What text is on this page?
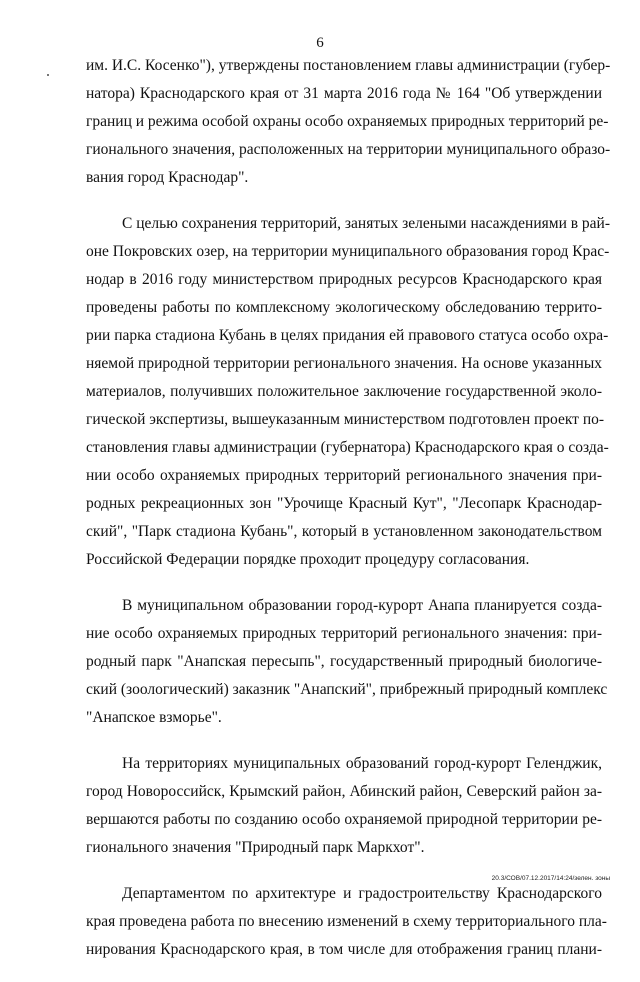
6
им. И.С. Косенко"), утверждены постановлением главы администрации (губер-
натора) Краснодарского края от 31 марта 2016 года № 164 "Об утверждении
границ и режима особой охраны особо охраняемых природных территорий ре-
гионального значения, расположенных на территории муниципального образо-
вания город Краснодар".
С целью сохранения территорий, занятых зелеными насаждениями в рай-
оне Покровских озер, на территории муниципального образования город Крас-
нодар в 2016 году министерством природных ресурсов Краснодарского края
проведены работы по комплексному экологическому обследованию террито-
рии парка стадиона Кубань в целях придания ей правового статуса особо охра-
няемой природной территории регионального значения. На основе указанных
материалов, получивших положительное заключение государственной эколо-
гической экспертизы, вышеуказанным министерством подготовлен проект по-
становления главы администрации (губернатора) Краснодарского края о созда-
нии особо охраняемых природных территорий регионального значения при-
родных рекреационных зон "Урочище Красный Кут", "Лесопарк Краснодар-
ский", "Парк стадиона Кубань", который в установленном законодательством
Российской Федерации порядке проходит процедуру согласования.
В муниципальном образовании город-курорт Анапа планируется созда-
ние особо охраняемых природных территорий регионального значения: при-
родный парк "Анапская пересыпь", государственный природный биологиче-
ский (зоологический) заказник "Анапский", прибрежный природный комплекс
"Анапское взморье".
На территориях муниципальных образований город-курорт Геленджик,
город Новороссийск, Крымский район, Абинский район, Северский район за-
вершаются работы по созданию особо охраняемой природной территории ре-
гионального значения "Природный парк Маркхот".
Департаментом по архитектуре и градостроительству Краснодарского
края проведена работа по внесению изменений в схему территориального пла-
нирования Краснодарского края, в том числе для отображения границ плани-
20.3/СОВ/07.12.2017/14:24/зелен. зоны
